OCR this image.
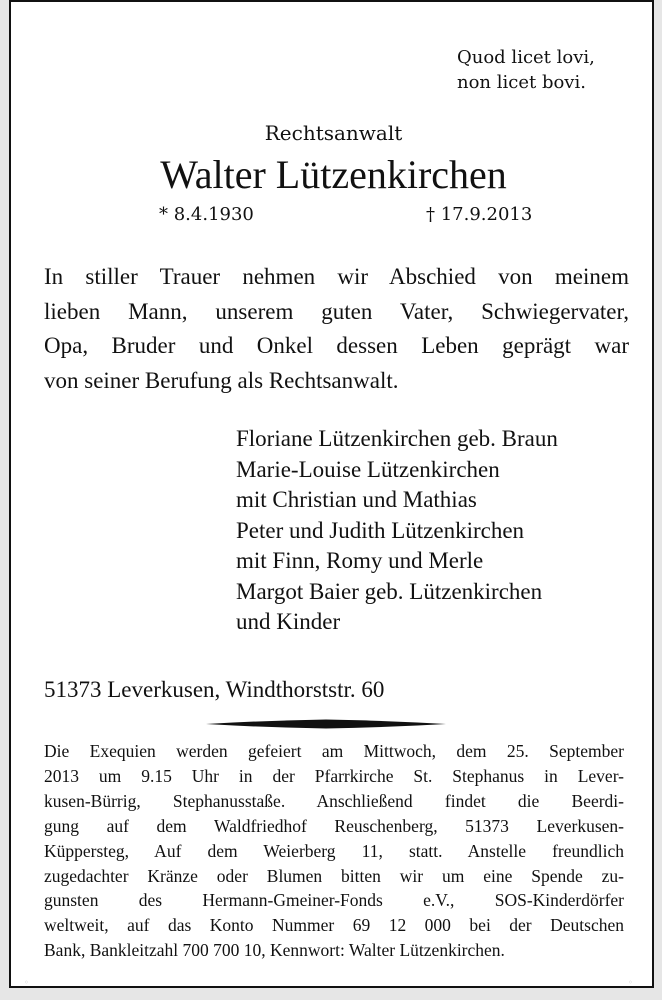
Quod licet lovi,
non licet bovi.
Rechtsanwalt
Walter Lützenkirchen
* 8.4.1930	† 17.9.2013
In stiller Trauer nehmen wir Abschied von meinem
lieben Mann, unserem guten Vater, Schwiegervater,
Opa, Bruder und Onkel dessen Leben geprägt war
von seiner Berufung als Rechtsanwalt.
Floriane Lützenkirchen geb. Braun
Marie-Louise Lützenkirchen
mit Christian und Mathias
Peter und Judith Lützenkirchen
mit Finn, Romy und Merle
Margot Baier geb. Lützenkirchen
und Kinder
51373 Leverkusen, Windthorststr. 60
Die Exequien werden gefeiert am Mittwoch, dem 25. September
2013 um 9.15 Uhr in der Pfarrkirche St. Stephanus in Lever-
kusen-Bürrig, Stephanusstaße. Anschließend findet die Beerdi-
gung auf dem Waldfriedhof Reuschenberg, 51373 Leverkusen-
Küppersteg, Auf dem Weierberg 11, statt. Anstelle freundlich
zugedachter Kränze oder Blumen bitten wir um eine Spende zu-
gunsten des Hermann-Gmeiner-Fonds e.V., SOS-Kinderdörfer
weltweit, auf das Konto Nummer 69 12 000 bei der Deutschen
Bank, Bankleitzahl 700 700 10, Kennwort: Walter Lützenkirchen.
◦	◦
